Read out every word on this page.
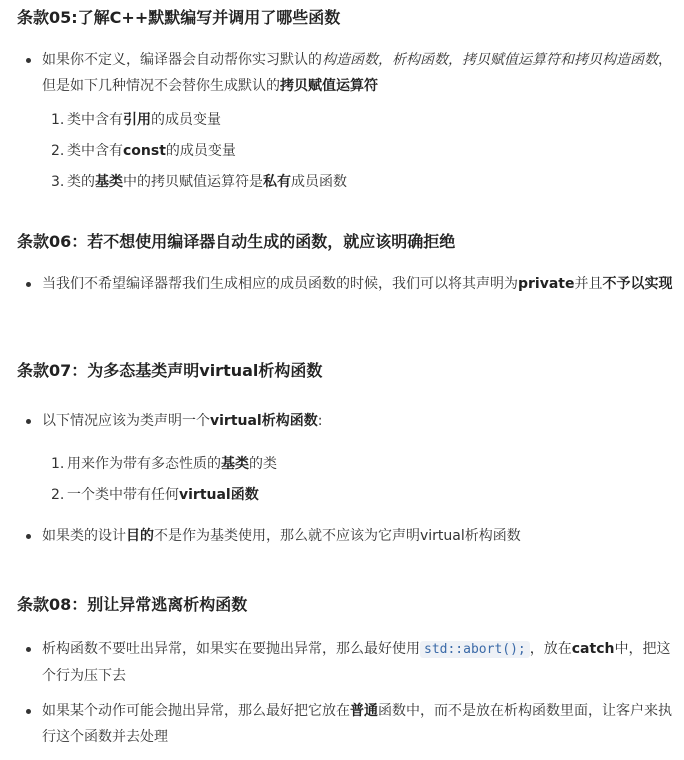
条款05:了解C++默默编写并调用了哪些函数
如果你不定义，编译器会自动帮你实习默认的构造函数，析构函数，拷贝赋值运算符和拷贝构造函数，但是如下几种情况不会替你生成默认的拷贝赋值运算符
1. 类中含有引用的成员变量
2. 类中含有const的成员变量
3. 类的基类中的拷贝赋值运算符是私有成员函数
条款06：若不想使用编译器自动生成的函数，就应该明确拒绝
当我们不希望编译器帮我们生成相应的成员函数的时候，我们可以将其声明为private并且不予以实现
条款07：为多态基类声明virtual析构函数
以下情况应该为类声明一个virtual析构函数:
1. 用来作为带有多态性质的基类的类
2. 一个类中带有任何virtual函数
如果类的设计目的不是作为基类使用，那么就不应该为它声明virtual析构函数
条款08：别让异常逃离析构函数
析构函数不要吐出异常，如果实在要抛出异常，那么最好使用 std::abort(); ，放在catch中，把这个行为压下去
如果某个动作可能会抛出异常，那么最好把它放在普通函数中，而不是放在析构函数里面，让客户来执行这个函数并去处理
